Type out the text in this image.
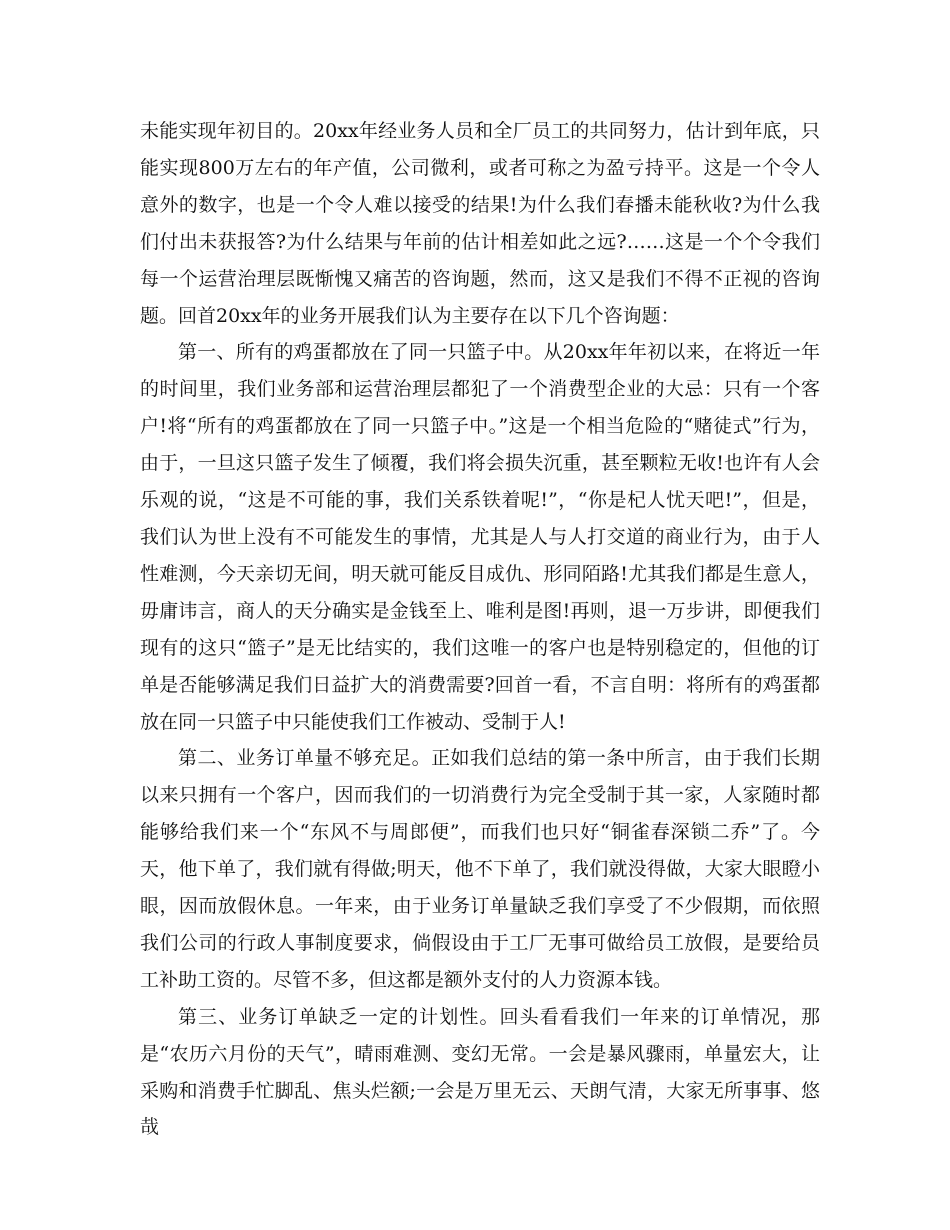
未能实现年初目的。20xx年经业务人员和全厂员工的共同努力，估计到年底，只能实现800万左右的年产值，公司微利，或者可称之为盈亏持平。这是一个令人意外的数字，也是一个令人难以接受的结果!为什么我们春播未能秋收?为什么我们付出未获报答?为什么结果与年前的估计相差如此之远?……这是一个个令我们每一个运营治理层既惭愧又痛苦的咨询题，然而，这又是我们不得不正视的咨询题。回首20xx年的业务开展我们认为主要存在以下几个咨询题：

第一、所有的鸡蛋都放在了同一只篮子中。从20xx年年初以来，在将近一年的时间里，我们业务部和运营治理层都犯了一个消费型企业的大忌：只有一个客户!将“所有的鸡蛋都放在了同一只篮子中。”这是一个相当危险的“赌徒式”行为，由于，一旦这只篮子发生了倾覆，我们将会损失沉重，甚至颗粒无收!也许有人会乐观的说，“这是不可能的事，我们关系铁着呢!”，“你是杞人忧天吧!”，但是，我们认为世上没有不可能发生的事情，尤其是人与人打交道的商业行为，由于人性难测，今天亲切无间，明天就可能反目成仇、形同陌路!尤其我们都是生意人，毋庸讳言，商人的天分确实是金钱至上、唯利是图!再则，退一万步讲，即便我们现有的这只“篮子”是无比结实的，我们这唯一的客户也是特别稳定的，但他的订单是否能够满足我们日益扩大的消费需要?回首一看，不言自明：将所有的鸡蛋都放在同一只篮子中只能使我们工作被动、受制于人!

第二、业务订单量不够充足。正如我们总结的第一条中所言，由于我们长期以来只拥有一个客户，因而我们的一切消费行为完全受制于其一家，人家随时都能够给我们来一个“东风不与周郎便”，而我们也只好“铜雀春深锁二乔”了。今天，他下单了，我们就有得做;明天，他不下单了，我们就没得做，大家大眼瞪小眼，因而放假休息。一年来，由于业务订单量缺乏我们享受了不少假期，而依照我们公司的行政人事制度要求，倘假设由于工厂无事可做给员工放假，是要给员工补助工资的。尽管不多，但这都是额外支付的人力资源本钱。

第三、业务订单缺乏一定的计划性。回头看看我们一年来的订单情况，那是“农历六月份的天气”，晴雨难测、变幻无常。一会是暴风骤雨，单量宏大，让采购和消费手忙脚乱、焦头烂额;一会是万里无云、天朗气清，大家无所事事、悠哉
